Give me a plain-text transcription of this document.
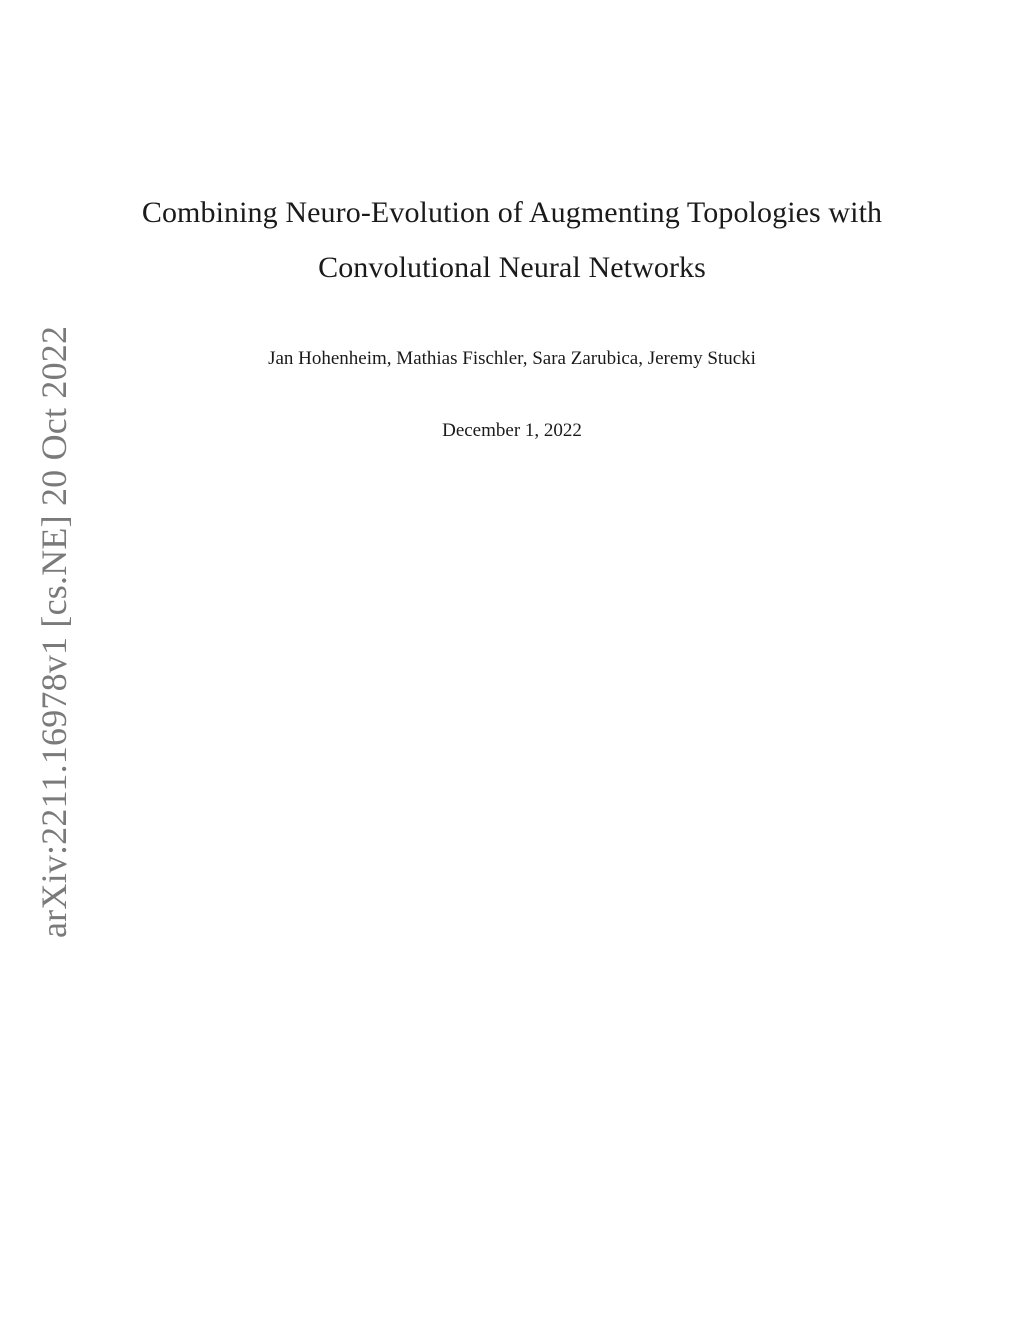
arXiv:2211.16978v1 [cs.NE] 20 Oct 2022
Combining Neuro-Evolution of Augmenting Topologies with
Convolutional Neural Networks
Jan Hohenheim, Mathias Fischler, Sara Zarubica, Jeremy Stucki
December 1, 2022
